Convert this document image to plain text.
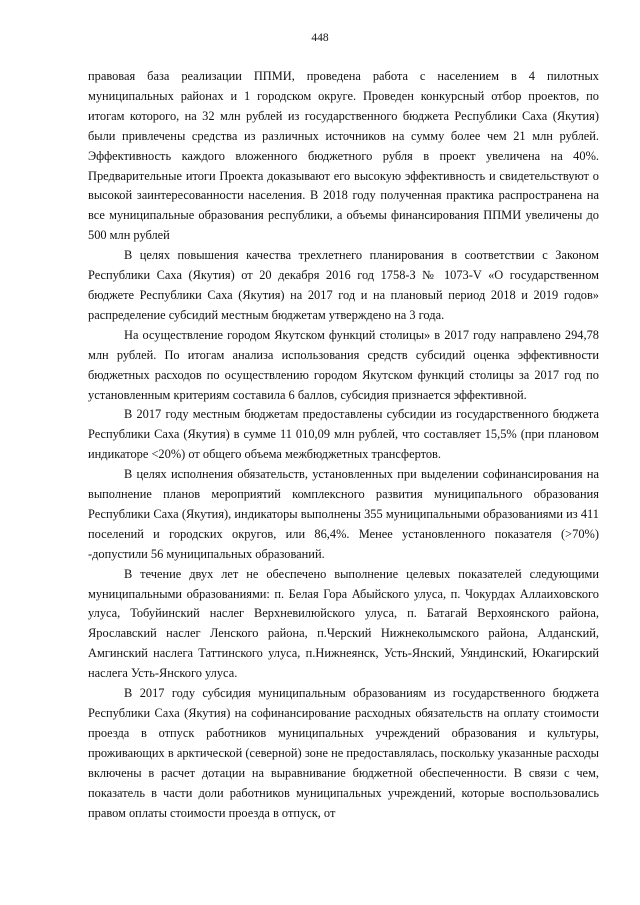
448

правовая база реализации ППМИ, проведена работа с населением в 4 пилотных муниципальных районах и 1 городском округе. Проведен конкурсный отбор проектов, по итогам которого, на 32 млн рублей из государственного бюджета Республики Саха (Якутия) были привлечены средства из различных источников на сумму более чем 21 млн рублей. Эффективность каждого вложенного бюджетного рубля в проект увеличена на 40%. Предварительные итоги Проекта доказывают его высокую эффективность и свидетельствуют о высокой заинтересованности населения. В 2018 году полученная практика распространена на все муниципальные образования республики, а объемы финансирования ППМИ увеличены до 500 млн рублей

В целях повышения качества трехлетнего планирования в соответствии с Законом Республики Саха (Якутия) от 20 декабря 2016 год 1758-З № 1073-V «О государственном бюджете Республики Саха (Якутия) на 2017 год и на плановый период 2018 и 2019 годов» распределение субсидий местным бюджетам утверждено на 3 года.

На осуществление городом Якутском функций столицы» в 2017 году направлено 294,78 млн рублей. По итогам анализа использования средств субсидий оценка эффективности бюджетных расходов по осуществлению городом Якутском функций столицы за 2017 год по установленным критериям составила 6 баллов, субсидия признается эффективной.

В 2017 году местным бюджетам предоставлены субсидии из государственного бюджета Республики Саха (Якутия) в сумме 11 010,09 млн рублей, что составляет 15,5% (при плановом индикаторе <20%) от общего объема межбюджетных трансфертов.

В целях исполнения обязательств, установленных при выделении софинансирования на выполнение планов мероприятий комплексного развития муниципального образования Республики Саха (Якутия), индикаторы выполнены 355 муниципальными образованиями из 411 поселений и городских округов, или 86,4%. Менее установленного показателя (>70%) -допустили 56 муниципальных образований.

В течение двух лет не обеспечено выполнение целевых показателей следующими муниципальными образованиями: п. Белая Гора Абыйского улуса, п. Чокурдах Аллаиховского улуса, Тобуйинский наслег Верхневилюйского улуса, п. Батагай Верхоянского района, Ярославский наслег Ленского района, п.Черский Нижнеколымского района, Алданский, Амгинский наслега Таттинского улуса, п.Нижнеянск, Усть-Янский, Уяндинский, Юкагирский наслега Усть-Янского улуса.

В 2017 году субсидия муниципальным образованиям из государственного бюджета Республики Саха (Якутия) на софинансирование расходных обязательств на оплату стоимости проезда в отпуск работников муниципальных учреждений образования и культуры, проживающих в арктической (северной) зоне не предоставлялась, поскольку указанные расходы включены в расчет дотации на выравнивание бюджетной обеспеченности. В связи с чем, показатель в части доли работников муниципальных учреждений, которые воспользовались правом оплаты стоимости проезда в отпуск, от
